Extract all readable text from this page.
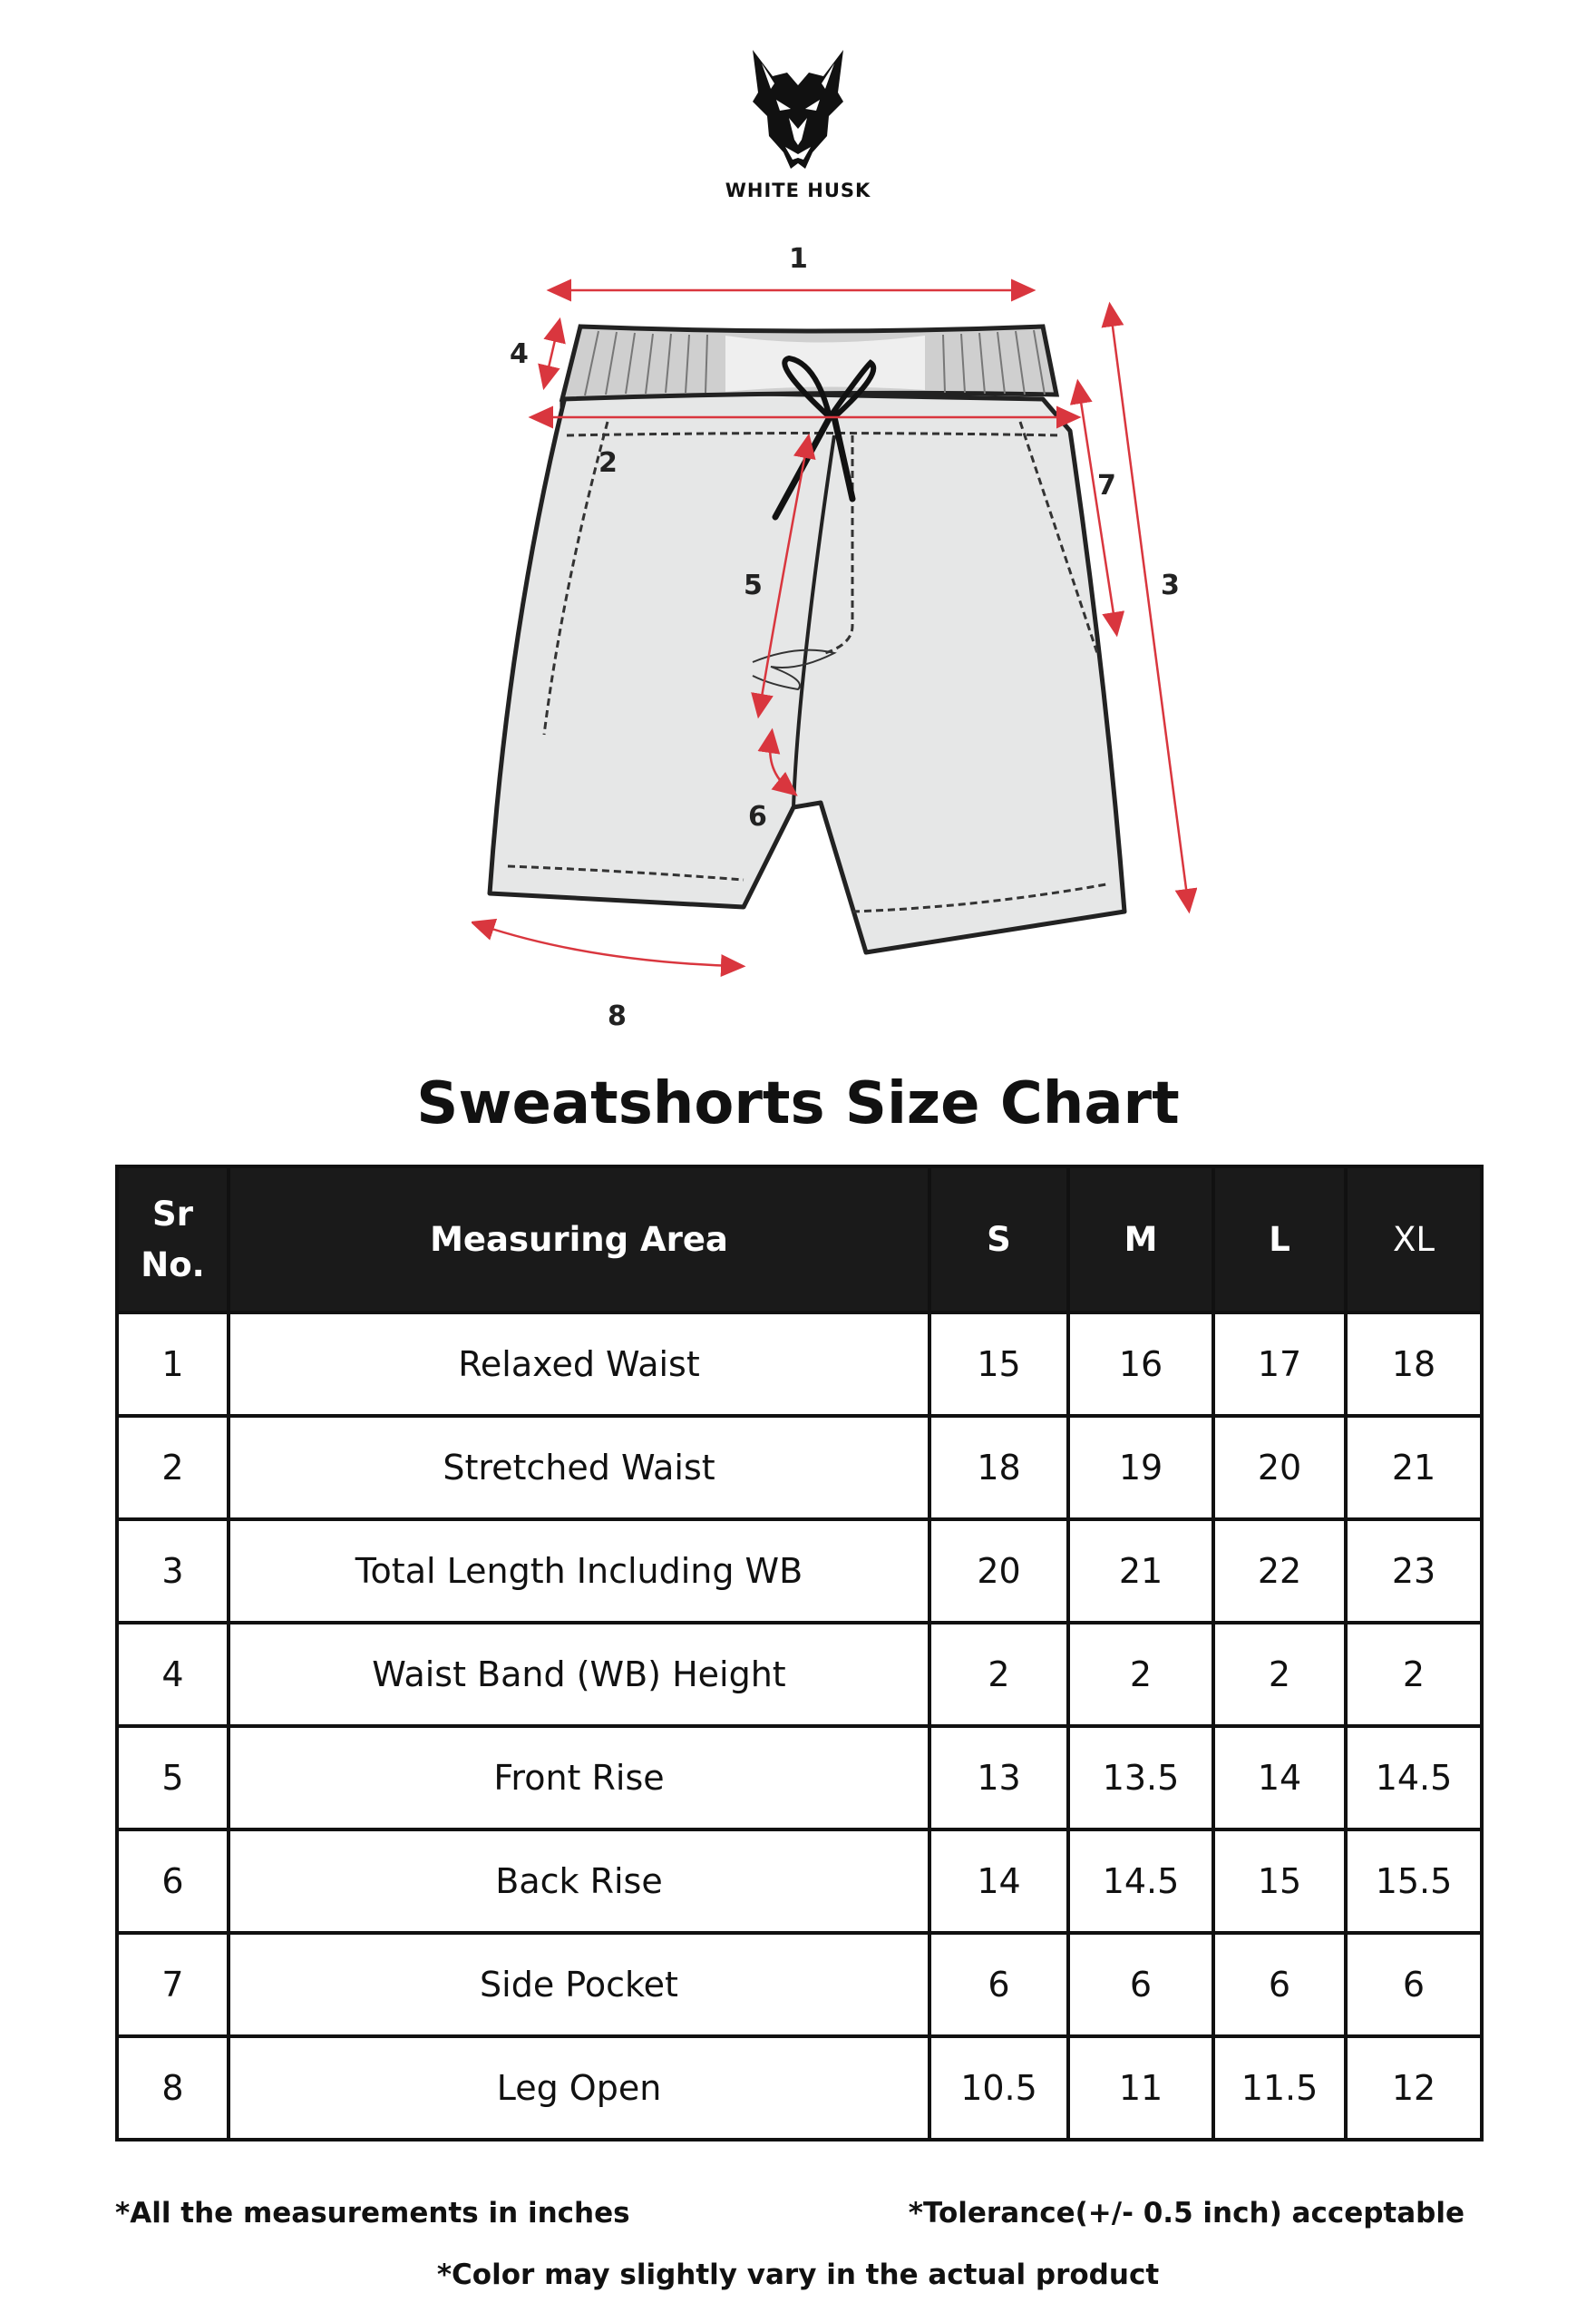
WHITE HUSK
1
2
3
4
5
6
7
8
Sweatshorts Size Chart
Sr
No.	Measuring Area	S	M	L	XL
1	Relaxed Waist	15	16	17	18
2	Stretched Waist	18	19	20	21
3	Total Length Including WB	20	21	22	23
4	Waist Band (WB) Height	2	2	2	2
5	Front Rise	13	13.5	14	14.5
6	Back Rise	14	14.5	15	15.5
7	Side Pocket	6	6	6	6
8	Leg Open	10.5	11	11.5	12
*All the measurements in inches	*Tolerance(+/- 0.5 inch) acceptable
*Color may slightly vary in the actual product
